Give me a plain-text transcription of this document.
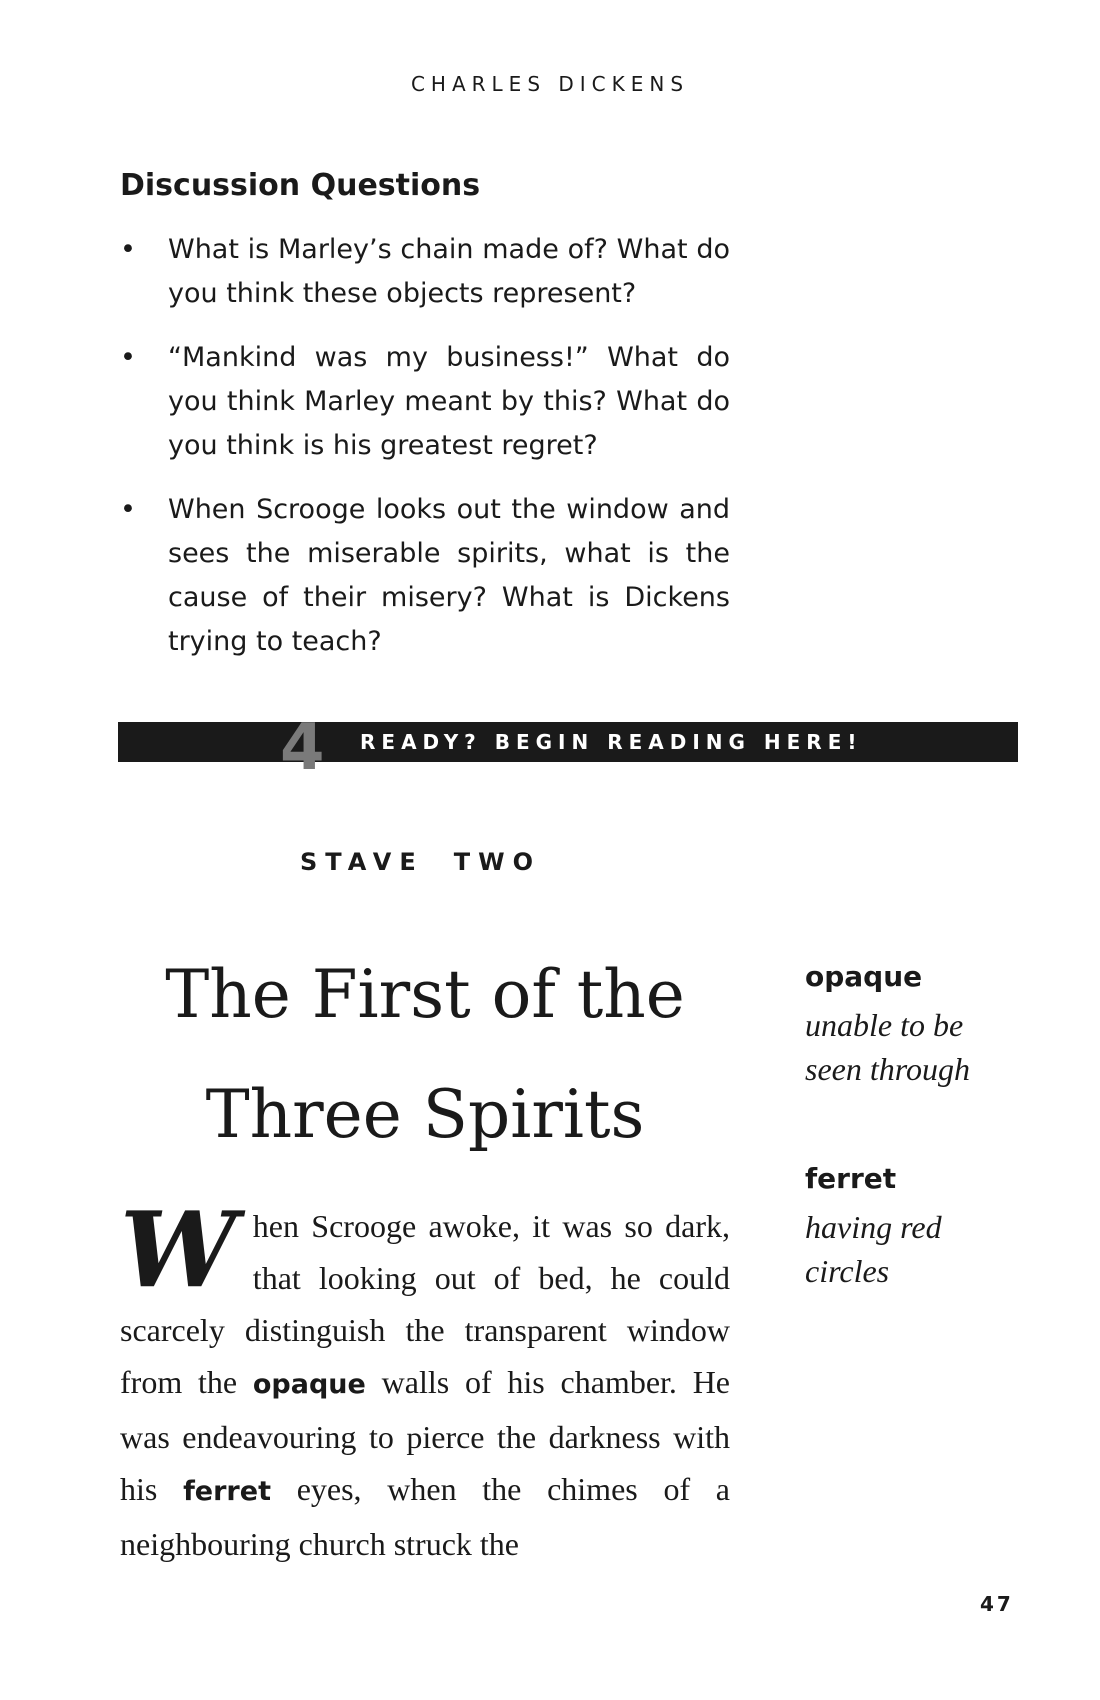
CHARLES DICKENS
Discussion Questions
• What is Marley’s chain made of? What do you think these objects represent?
• “Mankind was my business!” What do you think Marley meant by this? What do you think is his greatest regret?
• When Scrooge looks out the window and sees the miserable spirits, what is the cause of their misery? What is Dickens trying to teach?
4 READY? BEGIN READING HERE!
STAVE TWO
The First of the
Three Spirits
When Scrooge awoke, it was so dark, that looking out of bed, he could scarcely distinguish the transparent window from the opaque walls of his chamber. He was endeavouring to pierce the darkness with his ferret eyes, when the chimes of a neighbouring church struck the
opaque
unable to be seen through
ferret
having red circles
47
